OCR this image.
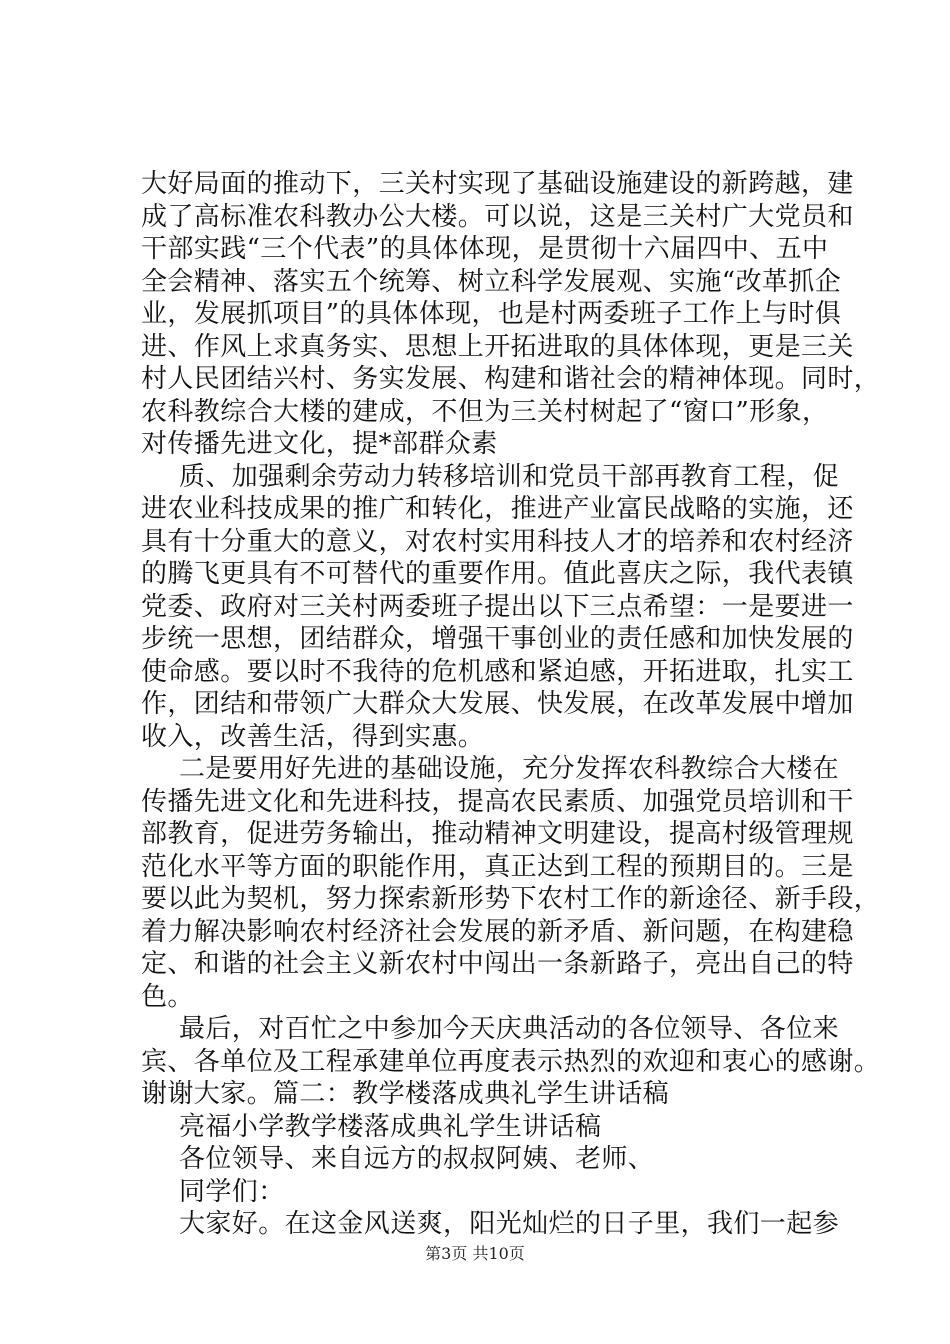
大好局面的推动下，三关村实现了基础设施建设的新跨越，建
成了高标准农科教办公大楼。可以说，这是三关村广大党员和
干部实践“三个代表”的具体体现，是贯彻十六届四中、五中
全会精神、落实五个统筹、树立科学发展观、实施“改革抓企
业，发展抓项目”的具体体现，也是村两委班子工作上与时俱
进、作风上求真务实、思想上开拓进取的具体体现，更是三关
村人民团结兴村、务实发展、构建和谐社会的精神体现。同时，
农科教综合大楼的建成，不但为三关村树起了“窗口”形象，
对传播先进文化，提*部群众素
质、加强剩余劳动力转移培训和党员干部再教育工程，促
进农业科技成果的推广和转化，推进产业富民战略的实施，还
具有十分重大的意义，对农村实用科技人才的培养和农村经济
的腾飞更具有不可替代的重要作用。值此喜庆之际，我代表镇
党委、政府对三关村两委班子提出以下三点希望：一是要进一
步统一思想，团结群众，增强干事创业的责任感和加快发展的
使命感。要以时不我待的危机感和紧迫感，开拓进取，扎实工
作，团结和带领广大群众大发展、快发展，在改革发展中增加
收入，改善生活，得到实惠。
二是要用好先进的基础设施，充分发挥农科教综合大楼在
传播先进文化和先进科技，提高农民素质、加强党员培训和干
部教育，促进劳务输出，推动精神文明建设，提高村级管理规
范化水平等方面的职能作用，真正达到工程的预期目的。三是
要以此为契机，努力探索新形势下农村工作的新途径、新手段，
着力解决影响农村经济社会发展的新矛盾、新问题，在构建稳
定、和谐的社会主义新农村中闯出一条新路子，亮出自己的特
色。
最后，对百忙之中参加今天庆典活动的各位领导、各位来
宾、各单位及工程承建单位再度表示热烈的欢迎和衷心的感谢。
谢谢大家。篇二：教学楼落成典礼学生讲话稿
亮福小学教学楼落成典礼学生讲话稿
各位领导、来自远方的叔叔阿姨、老师、
同学们：
大家好。在这金风送爽，阳光灿烂的日子里，我们一起参
第3页 共10页
